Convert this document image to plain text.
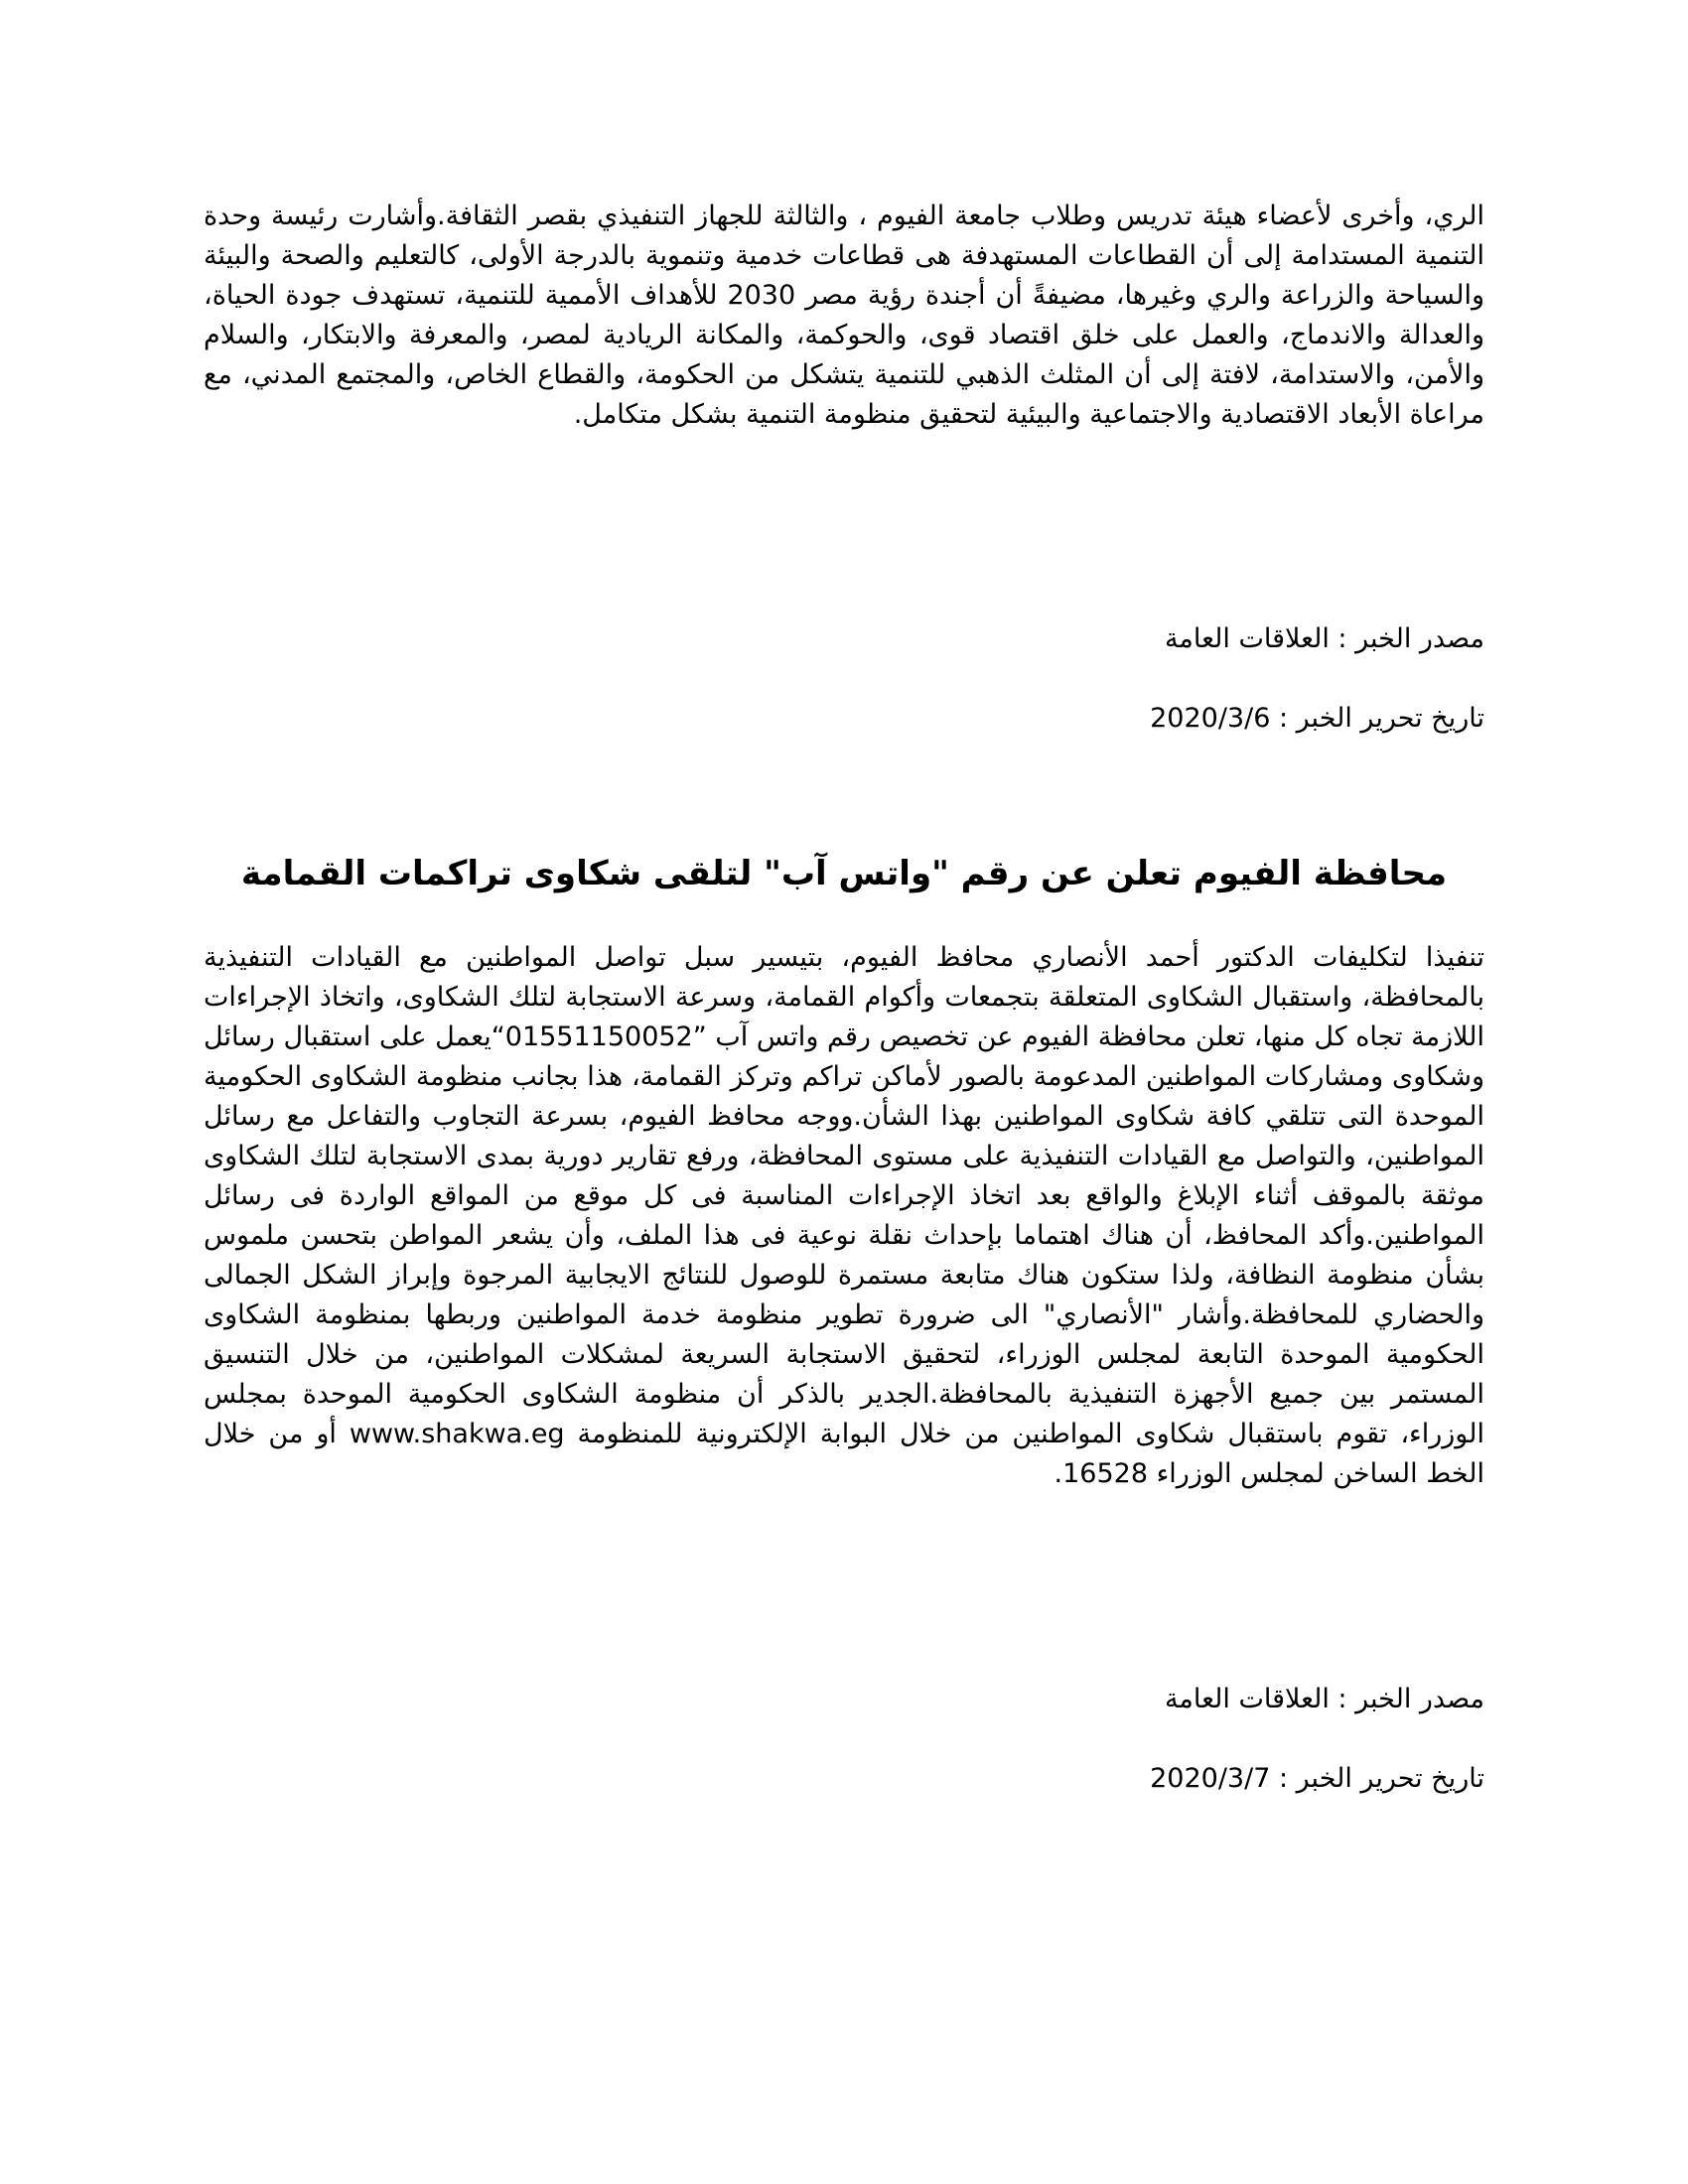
الري، وأخرى لأعضاء هيئة تدريس وطلاب جامعة الفيوم ، والثالثة للجهاز التنفيذي بقصر الثقافة.وأشارت رئيسة وحدة التنمية المستدامة إلى أن القطاعات المستهدفة هى قطاعات خدمية وتنموية بالدرجة الأولى، كالتعليم والصحة والبيئة والسياحة والزراعة والري وغيرها، مضيفةً أن أجندة رؤية مصر 2030 للأهداف الأممية للتنمية، تستهدف جودة الحياة، والعدالة والاندماج، والعمل على خلق اقتصاد قوى، والحوكمة، والمكانة الريادية لمصر، والمعرفة والابتكار، والسلام والأمن، والاستدامة، لافتة إلى أن المثلث الذهبي للتنمية يتشكل من الحكومة، والقطاع الخاص، والمجتمع المدني، مع مراعاة الأبعاد الاقتصادية والاجتماعية والبيئية لتحقيق منظومة التنمية بشكل متكامل.

مصدر الخبر : العلاقات العامة

تاريخ تحرير الخبر : 2020/3/6

محافظة الفيوم تعلن عن رقم "واتس آب" لتلقى شكاوى تراكمات القمامة

تنفيذا لتكليفات الدكتور أحمد الأنصاري محافظ الفيوم، بتيسير سبل تواصل المواطنين مع القيادات التنفيذية بالمحافظة، واستقبال الشكاوى المتعلقة بتجمعات وأكوام القمامة، وسرعة الاستجابة لتلك الشكاوى، واتخاذ الإجراءات اللازمة تجاه كل منها، تعلن محافظة الفيوم عن تخصيص رقم واتس آب ”01551150052“يعمل على استقبال رسائل وشكاوى ومشاركات المواطنين المدعومة بالصور لأماكن تراكم وتركز القمامة، هذا بجانب منظومة الشكاوى الحكومية الموحدة التى تتلقي كافة شكاوى المواطنين بهذا الشأن.ووجه محافظ الفيوم، بسرعة التجاوب والتفاعل مع رسائل المواطنين، والتواصل مع القيادات التنفيذية على مستوى المحافظة، ورفع تقارير دورية بمدى الاستجابة لتلك الشكاوى موثقة بالموقف أثناء الإبلاغ والواقع بعد اتخاذ الإجراءات المناسبة فى كل موقع من المواقع الواردة فى رسائل المواطنين.وأكد المحافظ، أن هناك اهتماما بإحداث نقلة نوعية فى هذا الملف، وأن يشعر المواطن بتحسن ملموس بشأن منظومة النظافة، ولذا ستكون هناك متابعة مستمرة للوصول للنتائج الايجابية المرجوة وإبراز الشكل الجمالى والحضاري للمحافظة.وأشار "الأنصاري" الى ضرورة تطوير منظومة خدمة المواطنين وربطها بمنظومة الشكاوى الحكومية الموحدة التابعة لمجلس الوزراء، لتحقيق الاستجابة السريعة لمشكلات المواطنين، من خلال التنسيق المستمر بين جميع الأجهزة التنفيذية بالمحافظة.الجدير بالذكر أن منظومة الشكاوى الحكومية الموحدة بمجلس الوزراء، تقوم باستقبال شكاوى المواطنين من خلال البوابة الإلكترونية للمنظومة www.shakwa.eg أو من خلال الخط الساخن لمجلس الوزراء 16528.

مصدر الخبر : العلاقات العامة

تاريخ تحرير الخبر : 2020/3/7
